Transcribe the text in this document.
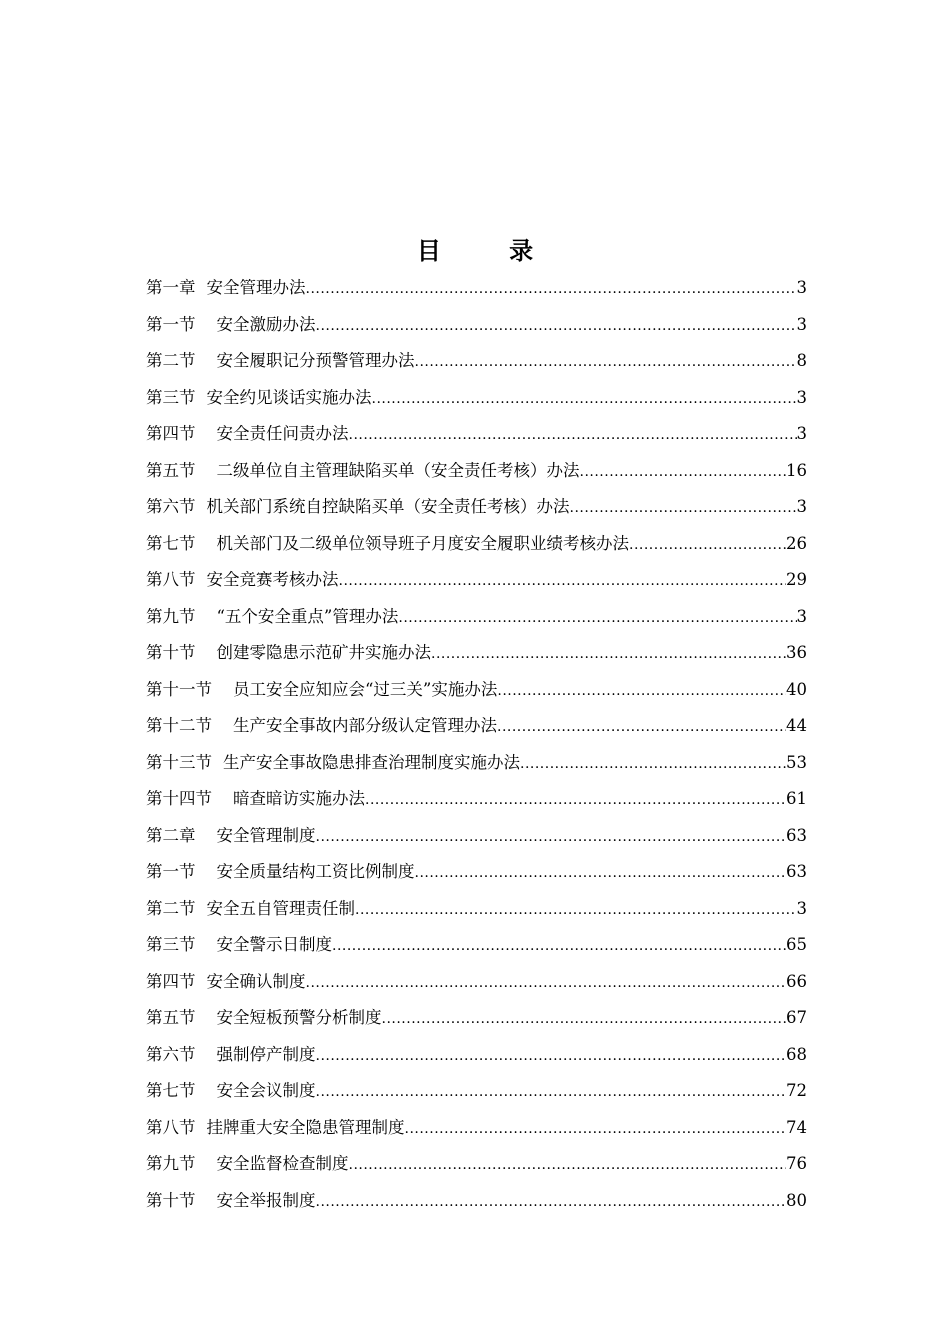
目 录
第一章 安全管理办法 .....	3
第一节	安全激励办法 .....	3
第二节	安全履职记分预警管理办法 .....	8
第三节 安全约见谈话实施办法 .....	3
第四节	安全责任问责办法 .....	3
第五节	二级单位自主管理缺陷买单（安全责任考核）办法 .....	16
第六节 机关部门系统自控缺陷买单（安全责任考核）办法 .....	3
第七节	机关部门及二级单位领导班子月度安全履职业绩考核办法 .....	26
第八节 安全竞赛考核办法 .....	29
第九节	“五个安全重点”管理办法 .....	3
第十节	创建零隐患示范矿井实施办法 .....	36
第十一节	员工安全应知应会“过三关”实施办法 .....	40
第十二节	生产安全事故内部分级认定管理办法 .....	44
第十三节 生产安全事故隐患排查治理制度实施办法 .....	53
第十四节	暗查暗访实施办法 .....	61
第二章	安全管理制度 .....	63
第一节	安全质量结构工资比例制度 .....	63
第二节 安全五自管理责任制 .....	3
第三节	安全警示日制度 .....	65
第四节 安全确认制度 .....	66
第五节	安全短板预警分析制度 .....	67
第六节	强制停产制度 .....	68
第七节	安全会议制度 .....	72
第八节 挂牌重大安全隐患管理制度 .....	74
第九节	安全监督检查制度 .....	76
第十节	安全举报制度 .....	80
